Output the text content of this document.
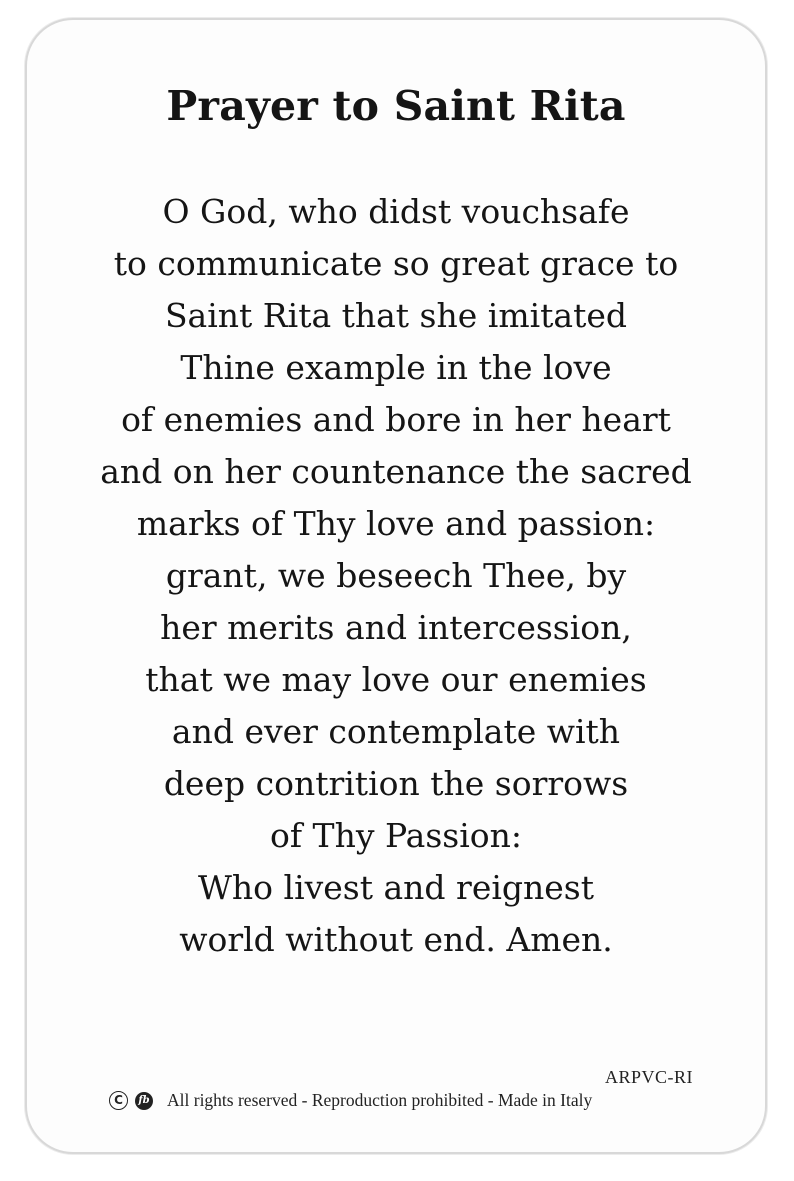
Prayer to Saint Rita
O God, who didst vouchsafe
to communicate so great grace to
Saint Rita that she imitated
Thine example in the love
of enemies and bore in her heart
and on her countenance the sacred
marks of Thy love and passion:
grant, we beseech Thee, by
her merits and intercession,
that we may love our enemies
and ever contemplate with
deep contrition the sorrows
of Thy Passion:
Who livest and reignest
world without end. Amen.
ARPVC-RI
C	fb All rights reserved - Reproduction prohibited - Made in Italy
